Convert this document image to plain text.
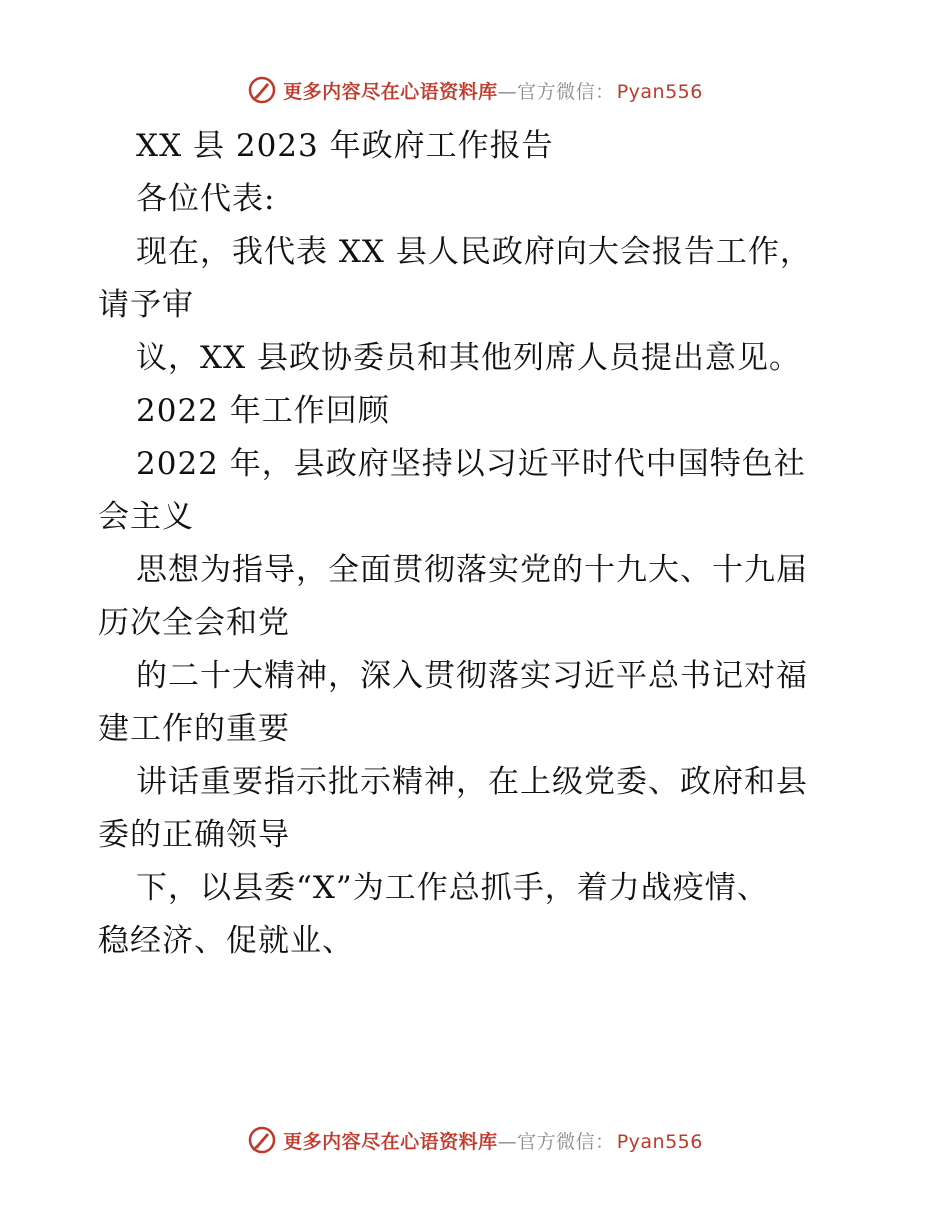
更多内容尽在心语资料库—官方微信： Pyan556
XX 县 2023 年政府工作报告
各位代表:
现在，我代表 XX 县人民政府向大会报告工作，
请予审
议，XX 县政协委员和其他列席人员提出意见。
2022 年工作回顾
2022 年，县政府坚持以习近平时代中国特色社
会主义
思想为指导，全面贯彻落实党的十九大、十九届
历次全会和党
的二十大精神，深入贯彻落实习近平总书记对福
建工作的重要
讲话重要指示批示精神，在上级党委、政府和县
委的正确领导
下，以县委“X”为工作总抓手，着力战疫情、
稳经济、促就业、
更多内容尽在心语资料库—官方微信： Pyan556
